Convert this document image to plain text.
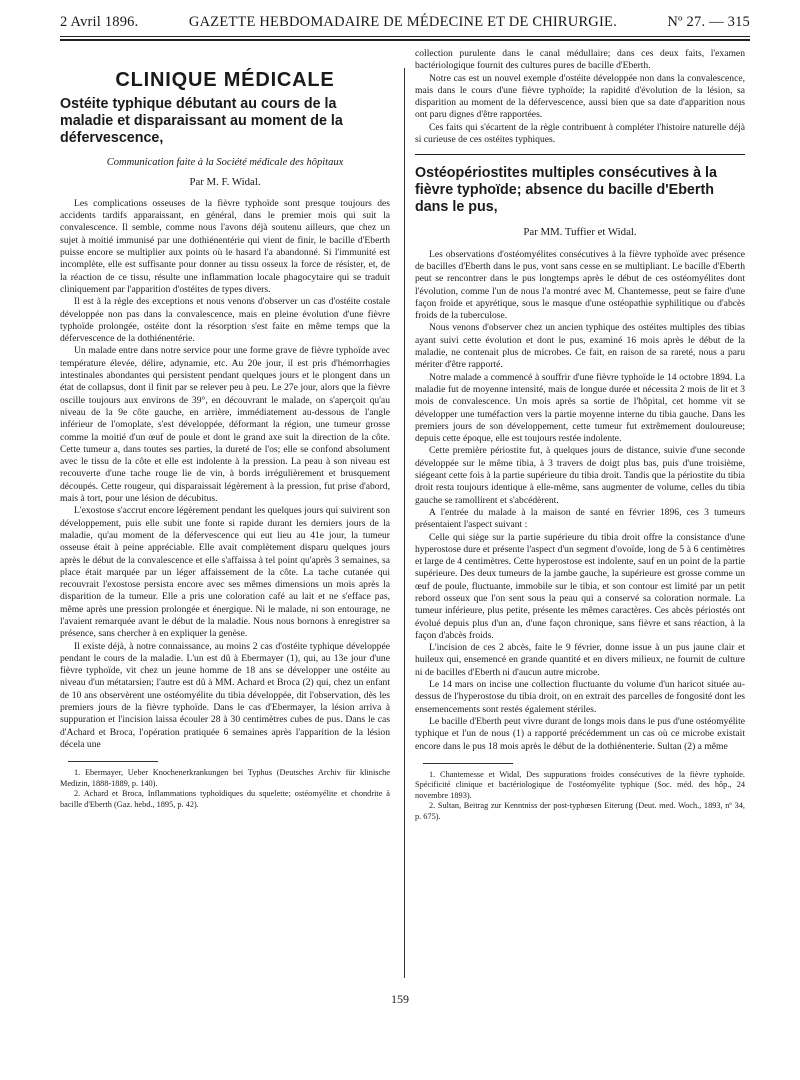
2 Avril 1896.	GAZETTE HEBDOMADAIRE DE MÉDECINE ET DE CHIRURGIE.	Nº 27. — 315
CLINIQUE MÉDICALE
Ostéite typhique débutant au cours de la maladie et disparaissant au moment de la défervescence,
Communication faite à la Société médicale des hôpitaux
Par M. F. Widal.

Les complications osseuses de la fièvre typhoïde sont presque toujours des accidents tardifs apparaissant, en général, dans le premier mois qui suit la convalescence. Il semble, comme nous l'avons déjà soutenu ailleurs, que chez un sujet à moitié immunisé par une dothiénentérie qui vient de finir, le bacille d'Eberth puisse encore se multiplier aux points où le hasard l'a abandonné. Si l'immunité est incomplète, elle est suffisante pour donner au tissu osseux la force de résister, et, de la réaction de ce tissu, résulte une inflammation locale phagocytaire qui se traduit cliniquement par l'apparition d'ostéites de types divers.

Il est à la règle des exceptions et nous venons d'observer un cas d'ostéite costale développée non pas dans la convalescence, mais en pleine évolution d'une fièvre typhoïde prolongée, ostéite dont la résorption s'est faite en même temps que la défervescence de la dothiénentérie.

Un malade entre dans notre service pour une forme grave de fièvre typhoïde avec température élevée, délire, adynamie, etc. Au 20e jour, il est pris d'hémorrhagies intestinales abondantes qui persistent pendant quelques jours et le plongent dans un état de collapsus, dont il finit par se relever peu à peu. Le 27e jour, alors que la fièvre oscille toujours aux environs de 39°, en découvrant le malade, on s'aperçoit qu'au niveau de la 9e côte gauche, en arrière, immédiatement au-dessous de l'angle inférieur de l'omoplate, s'est développée, déformant la région, une tumeur grosse comme la moitié d'un œuf de poule et dont le grand axe suit la direction de la côte. Cette tumeur a, dans toutes ses parties, la dureté de l'os; elle se confond absolument avec le tissu de la côte et elle est indolente à la pression. La peau à son niveau est recouverte d'une tache rouge lie de vin, à bords irrégulièrement et brusquement découpés. Cette rougeur, qui disparaissait légèrement à la pression, fut prise d'abord, mais à tort, pour une lésion de décubitus.

L'exostose s'accrut encore légèrement pendant les quelques jours qui suivirent son développement, puis elle subit une fonte si rapide durant les derniers jours de la maladie, qu'au moment de la défervescence qui eut lieu au 41e jour, la tumeur osseuse était à peine appréciable. Elle avait complètement disparu quelques jours après le début de la convalescence et elle s'affaissa à tel point qu'après 3 semaines, sa place était marquée par un léger affaissement de la côte. La tache cutanée qui recouvrait l'exostose persista encore avec ses mêmes dimensions un mois après la disparition de la tumeur. Elle a pris une coloration café au lait et ne s'efface pas, même après une pression prolongée et énergique. Ni le malade, ni son entourage, ne l'avaient remarquée avant le début de la maladie. Nous nous bornons à enregistrer sa présence, sans chercher à en expliquer la genèse.

Il existe déjà, à notre connaissance, au moins 2 cas d'ostéite typhique développée pendant le cours de la maladie. L'un est dû à Ebermayer (1), qui, au 13e jour d'une fièvre typhoïde, vit chez un jeune homme de 18 ans se développer une ostéite au niveau d'un métatarsien; l'autre est dû à MM. Achard et Broca (2) qui, chez un enfant de 10 ans observèrent une ostéomyélite du tibia développée, dit l'observation, dès les premiers jours de la fièvre typhoïde. Dans le cas d'Ebermayer, la lésion arriva à suppuration et l'incision laissa écouler 28 à 30 centimètres cubes de pus. Dans le cas d'Achard et Broca, l'opération pratiquée 6 semaines après l'apparition de la lésion décela une

1. Ebermayer, Ueber Knochenerkrankungen bei Typhus (Deutsches Archiv für klinische Medizin, 1888-1889, p. 140).

2. Achard et Broca, Inflammations typhoïdiques du squelette; ostéomyélite et chondrite à bacille d'Eberth (Gaz. hebd., 1895, p. 42).

collection purulente dans le canal médullaire; dans ces deux faits, l'examen bactériologique fournit des cultures pures de bacille d'Eberth.

Notre cas est un nouvel exemple d'ostéite développée non dans la convalescence, mais dans le cours d'une fièvre typhoïde; la rapidité d'évolution de la lésion, sa disparition au moment de la défervescence, aussi bien que sa date d'apparition nous ont paru dignes d'être rapportées.

Ces faits qui s'écartent de la règle contribuent à compléter l'histoire naturelle déjà si curieuse de ces ostéites typhiques.

Ostéopériostites multiples consécutives à la fièvre typhoïde; absence du bacille d'Eberth dans le pus,
Par MM. Tuffier et Widal.

Les observations d'ostéomyélites consécutives à la fièvre typhoïde avec présence de bacilles d'Eberth dans le pus, vont sans cesse en se multipliant. Le bacille d'Eberth peut se rencontrer dans le pus longtemps après le début de ces ostéomyélites dont l'évolution, comme l'un de nous l'a montré avec M. Chantemesse, peut se faire d'une façon froide et apyrétique, sous le masque d'une ostéopathie syphilitique ou d'abcès froids de la tuberculose.

Nous venons d'observer chez un ancien typhique des ostéites multiples des tibias ayant suivi cette évolution et dont le pus, examiné 16 mois après le début de la maladie, ne contenait plus de microbes. Ce fait, en raison de sa rareté, nous a paru mériter d'être rapporté.

Notre malade a commencé à souffrir d'une fièvre typhoïde le 14 octobre 1894. La maladie fut de moyenne intensité, mais de longue durée et nécessita 2 mois de lit et 3 mois de convalescence. Un mois après sa sortie de l'hôpital, cet homme vit se développer une tuméfaction vers la partie moyenne interne du tibia gauche. Dans les premiers jours de son développement, cette tumeur fut extrêmement douloureuse; depuis cette époque, elle est toujours restée indolente.

Cette première périostite fut, à quelques jours de distance, suivie d'une seconde développée sur le même tibia, à 3 travers de doigt plus bas, puis d'une troisième, siégeant cette fois à la partie supérieure du tibia droit. Tandis que la périostite du tibia droit resta toujours identique à elle-même, sans augmenter de volume, celles du tibia gauche se ramollirent et s'abcédèrent.

A l'entrée du malade à la maison de santé en février 1896, ces 3 tumeurs présentaient l'aspect suivant :

Celle qui siège sur la partie supérieure du tibia droit offre la consistance d'une hyperostose dure et présente l'aspect d'un segment d'ovoïde, long de 5 à 6 centimètres et large de 4 centimètres. Cette hyperostose est indolente, sauf en un point de la partie supérieure. Des deux tumeurs de la jambe gauche, la supérieure est grosse comme un œuf de poule, fluctuante, immobile sur le tibia, et son contour est limité par un petit rebord osseux que l'on sent sous la peau qui a conservé sa coloration normale. La tumeur inférieure, plus petite, présente les mêmes caractères. Ces abcès périostés ont évolué depuis plus d'un an, d'une façon chronique, sans fièvre et sans réaction, à la façon d'abcès froids.

L'incision de ces 2 abcès, faite le 9 février, donne issue à un pus jaune clair et huileux qui, ensemencé en grande quantité et en divers milieux, ne fournit de culture ni de bacilles d'Eberth ni d'aucun autre microbe.

Le 14 mars on incise une collection fluctuante du volume d'un haricot située au-dessus de l'hyperostose du tibia droit, on en extrait des parcelles de fongosité dont les ensemencements sont restés également stériles.

Le bacille d'Eberth peut vivre durant de longs mois dans le pus d'une ostéomyélite typhique et l'un de nous (1) a rapporté précédemment un cas où ce microbe existait encore dans le pus 18 mois après le début de la dothiénenterie. Sultan (2) a même

1. Chantemesse et Widal, Des suppurations froides consécutives de la fièvre typhoïde. Spécificité clinique et bactériologique de l'ostéomyélite typhique (Soc. méd. des hôp., 24 novembre 1893).

2. Sultan, Beitrag zur Kenntniss der post-typhœsen Eiterung (Deut. med. Woch., 1893, nº 34, p. 675).

159
